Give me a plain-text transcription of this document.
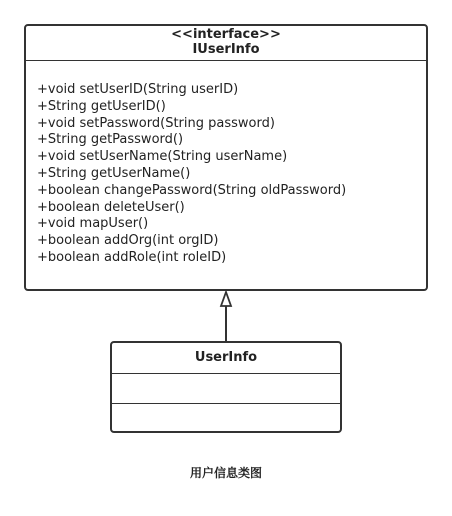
<<interface>>
IUserInfo
+void setUserID(String userID)
+String getUserID()
+void setPassword(String password)
+String getPassword()
+void setUserName(String userName)
+String getUserName()
+boolean changePassword(String oldPassword)
+boolean deleteUser()
+void mapUser()
+boolean addOrg(int orgID)
+boolean addRole(int roleID)
UserInfo
用户信息类图
